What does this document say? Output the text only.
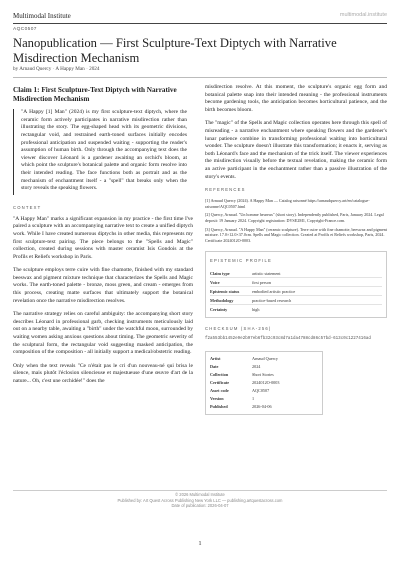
Multimodal Institute	multimodal.institute
AQC0507
Nanopublication — First Sculpture-Text Diptych with Narrative Misdirection Mechanism
by Arnaud Quercy · A Happy Man · 2024
Claim 1: First Sculpture-Text Diptych with Narrative Misdirection Mechanism

"A Happy [1] Man" (2024) is my first sculpture-text diptych, where the ceramic form actively participates in narrative misdirection rather than illustrating the story. The egg-shaped head with its geometric divisions, rectangular void, and restrained earth-toned surfaces initially encodes professional anticipation and suspended waiting - supporting the reader's assumption of human birth. Only through the accompanying text does the viewer discover Léonard is a gardener awaiting an orchid's bloom, at which point the sculpture's botanical palette and organic form resolve into their intended reading. The face functions both as portrait and as the mechanism of enchantment itself - a "spell" that breaks only when the story reveals the speaking flowers.

CONTEXT

"A Happy Man" marks a significant expansion in my practice - the first time I've paired a sculpture with an accompanying narrative text to create a unified diptych work. While I have created numerous diptychs in other media, this represents my first sculpture-text pairing. The piece belongs to the "Spells and Magic" collection, created during sessions with master ceramist Isis Gondois at the Profils et Reliefs workshop in Paris.

The sculpture employs terre cuire with fine chamotte, finished with my standard beeswax and pigment mixture technique that characterizes the Spells and Magic works. The earth-toned palette - bronze, moss green, and cream - emerges from this process, creating matte surfaces that ultimately support the botanical revelation once the narrative misdirection resolves.

The narrative strategy relies on careful ambiguity: the accompanying short story describes Léonard in professional garb, checking instruments meticulously laid out on a nearby table, awaiting a "birth" under the watchful moon, surrounded by waiting women asking anxious questions about timing. The geometric severity of the sculptural form, the rectangular void suggesting masked anticipation, the composition of the composition - all initially support a medical/obstetric reading.

Only when the text reveals "Ce n'était pas le cri d'un nouveau-né qui brisa le silence, mais plutôt l'éclosion silencieuse et majestueuse d'une œuvre d'art de la nature... Oh, c'est une orchidée!" does the

misdirection resolve. At this moment, the sculpture's organic egg form and botanical palette snap into their intended meaning - the professional instruments become gardening tools, the anticipation becomes horticultural patience, and the birth becomes bloom.

The "magic" of the Spells and Magic collection operates here through this spell of misreading - a narrative enchantment where speaking flowers and the gardener's lunar patience combine in transforming professional waiting into horticultural wonder. The sculpture doesn't illustrate this transformation; it enacts it, serving as both Léonard's face and the mechanism of the trick itself. The viewer experiences the misdirection visually before the textual revelation, making the ceramic form an active participant in the enchantment rather than a passive illustration of the story's events.

REFERENCES
[1] Arnaud Quercy (2024). A Happy Man — Catalog raisonné https://arnaudquercy.art/en/catalogue-raisonne/AQC0507.html
[2] Quercy, Arnaud. "Un homme heureux" (short story). Independently published, Paris, January 2024. Legal deposit: 19 January 2024. Copyright registration: DVSE2M1, Copyright-France.com.
[3] Quercy, Arnaud. "A Happy Man" (ceramic sculpture). Terre cuire with fine chamotte, beeswax and pigment mixture. 17.0×12.0×37.0cm. Spells and Magic collection. Created at Profils et Reliefs workshop, Paris, 2024. Certificate 2024012O-0003.
EPISTEMIC PROFILE
Claim type	artistic statement
Voice	first person
Epistemic status	embodied artistic practice
Methodology	practice-based research
Certainty	high
CHECKSUM (SHA-256)
f2a553bb1452e9e2b97eb6fb32c93c8d7a1da4788cd86c57bd-613c0c1227416ad
Artist	Arnaud Quercy
Date	2024
Collection	Short Stories
Certificate	2024012O-0003
Asset code	AQC0507
Version	1
Published	2026-04-06
© 2026 Multimodal Institute
Published by: Art Quest Across Publishing New York LLC — publishing.artquestacross.com
Date of publication: 2026-04-07
1
